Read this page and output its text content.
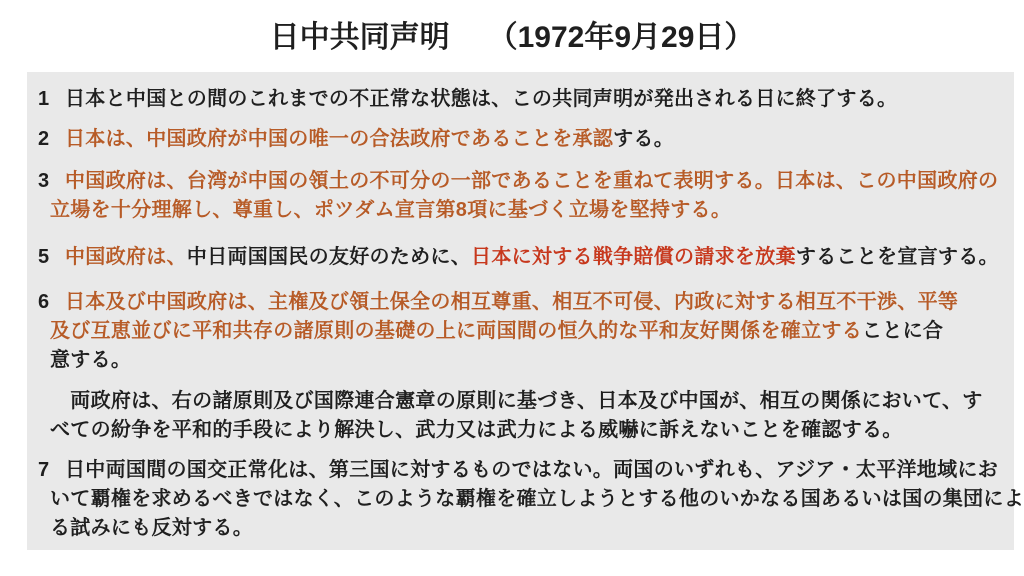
日中共同声明 （1972年9月29日）
1 日本と中国との間のこれまでの不正常な状態は、この共同声明が発出される日に終了する。
2 日本は、中国政府が中国の唯一の合法政府であることを承認する。
3 中国政府は、台湾が中国の領土の不可分の一部であることを重ねて表明する。日本は、この中国政府の
立場を十分理解し、尊重し、ポツダム宣言第8項に基づく立場を堅持する。
5 中国政府は、中日両国国民の友好のために、日本に対する戦争賠償の請求を放棄することを宣言する。
6 日本及び中国政府は、主権及び領土保全の相互尊重、相互不可侵、内政に対する相互不干渉、平等
及び互恵並びに平和共存の諸原則の基礎の上に両国間の恒久的な平和友好関係を確立することに合
意する。
　両政府は、右の諸原則及び国際連合憲章の原則に基づき、日本及び中国が、相互の関係において、す
べての紛争を平和的手段により解決し、武力又は武力による威嚇に訴えないことを確認する。
7 日中両国間の国交正常化は、第三国に対するものではない。両国のいずれも、アジア・太平洋地域にお
いて覇権を求めるべきではなく、このような覇権を確立しようとする他のいかなる国あるいは国の集団によ
る試みにも反対する。
